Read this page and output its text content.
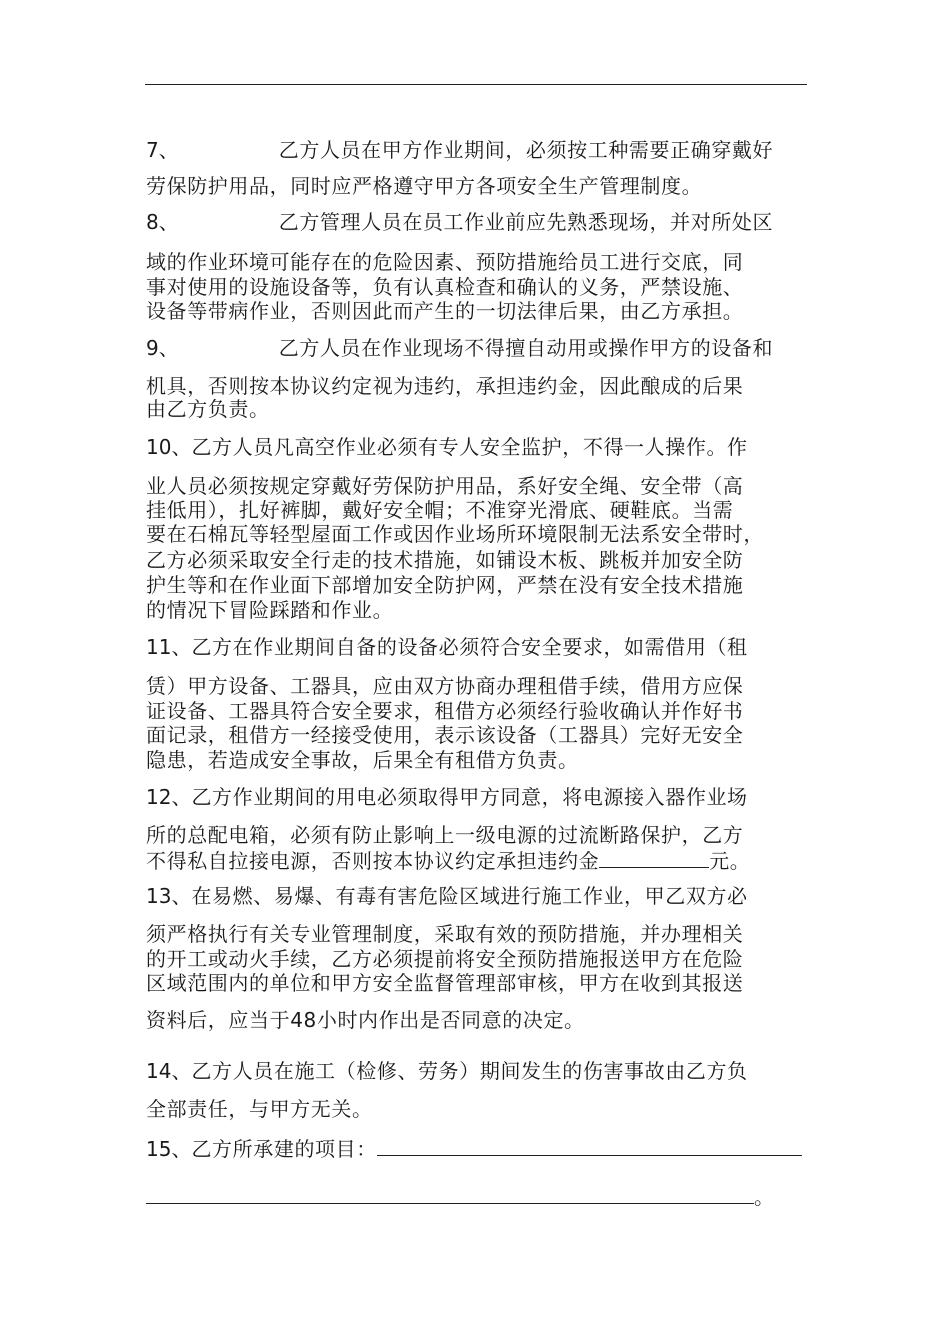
7、	乙方人员在甲方作业期间，必须按工种需要正确穿戴好
劳保防护用品，同时应严格遵守甲方各项安全生产管理制度。
8、	乙方管理人员在员工作业前应先熟悉现场，并对所处区
域的作业环境可能存在的危险因素、预防措施给员工进行交底，同
事对使用的设施设备等，负有认真检查和确认的义务，严禁设施、
设备等带病作业，否则因此而产生的一切法律后果，由乙方承担。
9、	乙方人员在作业现场不得擅自动用或操作甲方的设备和
机具，否则按本协议约定视为违约，承担违约金，因此酿成的后果
由乙方负责。
10、乙方人员凡高空作业必须有专人安全监护，不得一人操作。作
业人员必须按规定穿戴好劳保防护用品，系好安全绳、安全带（高
挂低用），扎好裤脚，戴好安全帽；不准穿光滑底、硬鞋底。当需
要在石棉瓦等轻型屋面工作或因作业场所环境限制无法系安全带时，
乙方必须采取安全行走的技术措施，如铺设木板、跳板并加安全防
护生等和在作业面下部增加安全防护网，严禁在没有安全技术措施
的情况下冒险踩踏和作业。
11、乙方在作业期间自备的设备必须符合安全要求，如需借用（租
赁）甲方设备、工器具，应由双方协商办理租借手续，借用方应保
证设备、工器具符合安全要求，租借方必须经行验收确认并作好书
面记录，租借方一经接受使用，表示该设备（工器具）完好无安全
隐患，若造成安全事故，后果全有租借方负责。
12、乙方作业期间的用电必须取得甲方同意，将电源接入器作业场
所的总配电箱，必须有防止影响上一级电源的过流断路保护，乙方
不得私自拉接电源，否则按本协议约定承担违约金	元。
13、在易燃、易爆、有毒有害危险区域进行施工作业，甲乙双方必
须严格执行有关专业管理制度，采取有效的预防措施，并办理相关
的开工或动火手续，乙方必须提前将安全预防措施报送甲方在危险
区域范围内的单位和甲方安全监督管理部审核，甲方在收到其报送
资料后，应当于48小时内作出是否同意的决定。
14、乙方人员在施工（检修、劳务）期间发生的伤害事故由乙方负
全部责任，与甲方无关。
15、乙方所承建的项目：
。
